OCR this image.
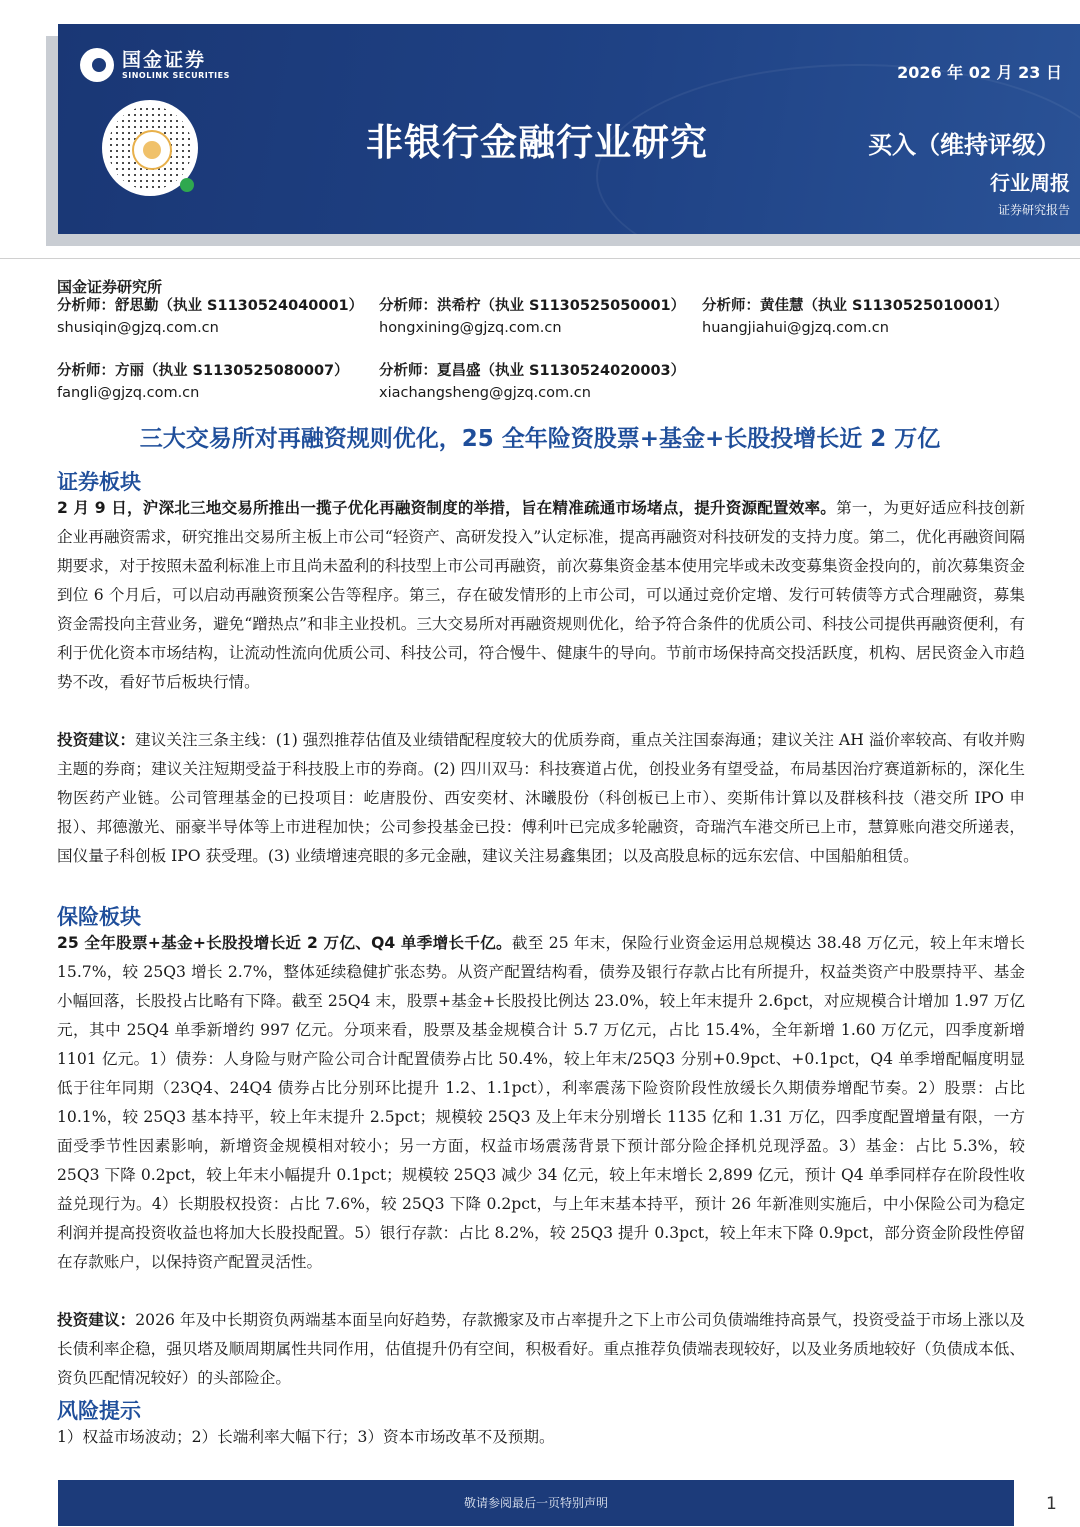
国金证券
SINOLINK SECURITIES
非银行金融行业研究
2026 年 02 月 23 日
买入（维持评级）
行业周报
证券研究报告
国金证券研究所
分析师：舒思勤（执业 S1130524040001）
shusiqin@gjzq.com.cn
分析师：洪希柠（执业 S1130525050001）
hongxining@gjzq.com.cn
分析师：黄佳慧（执业 S1130525010001）
huangjiahui@gjzq.com.cn
分析师：方丽（执业 S1130525080007）
fangli@gjzq.com.cn
分析师：夏昌盛（执业 S1130524020003）
xiachangsheng@gjzq.com.cn
三大交易所对再融资规则优化，25 全年险资股票+基金+长股投增长近 2 万亿
证券板块
2 月 9 日，沪深北三地交易所推出一揽子优化再融资制度的举措，旨在精准疏通市场堵点，提升资源配置效率。第一，为更好适应科技创新企业再融资需求，研究推出交易所主板上市公司“轻资产、高研发投入”认定标准，提高再融资对科技研发的支持力度。第二，优化再融资间隔期要求，对于按照未盈利标准上市且尚未盈利的科技型上市公司再融资，前次募集资金基本使用完毕或未改变募集资金投向的，前次募集资金到位 6 个月后，可以启动再融资预案公告等程序。第三，存在破发情形的上市公司，可以通过竞价定增、发行可转债等方式合理融资，募集资金需投向主营业务，避免“蹭热点”和非主业投机。三大交易所对再融资规则优化，给予符合条件的优质公司、科技公司提供再融资便利，有利于优化资本市场结构，让流动性流向优质公司、科技公司，符合慢牛、健康牛的导向。节前市场保持高交投活跃度，机构、居民资金入市趋势不改，看好节后板块行情。
投资建议：建议关注三条主线：(1) 强烈推荐估值及业绩错配程度较大的优质券商，重点关注国泰海通；建议关注 AH 溢价率较高、有收并购主题的券商；建议关注短期受益于科技股上市的券商。(2) 四川双马：科技赛道占优，创投业务有望受益，布局基因治疗赛道新标的，深化生物医药产业链。公司管理基金的已投项目：屹唐股份、西安奕材、沐曦股份（科创板已上市）、奕斯伟计算以及群核科技（港交所 IPO 申报）、邦德激光、丽豪半导体等上市进程加快；公司参投基金已投：傅利叶已完成多轮融资，奇瑞汽车港交所已上市，慧算账向港交所递表，国仪量子科创板 IPO 获受理。(3) 业绩增速亮眼的多元金融，建议关注易鑫集团；以及高股息标的远东宏信、中国船舶租赁。
保险板块
25 全年股票+基金+长股投增长近 2 万亿、Q4 单季增长千亿。截至 25 年末，保险行业资金运用总规模达 38.48 万亿元，较上年末增长 15.7%，较 25Q3 增长 2.7%，整体延续稳健扩张态势。从资产配置结构看，债券及银行存款占比有所提升，权益类资产中股票持平、基金小幅回落，长股投占比略有下降。截至 25Q4 末，股票+基金+长股投比例达 23.0%，较上年末提升 2.6pct，对应规模合计增加 1.97 万亿元，其中 25Q4 单季新增约 997 亿元。分项来看，股票及基金规模合计 5.7 万亿元，占比 15.4%，全年新增 1.60 万亿元，四季度新增 1101 亿元。1）债券：人身险与财产险公司合计配置债券占比 50.4%，较上年末/25Q3 分别+0.9pct、+0.1pct，Q4 单季增配幅度明显低于往年同期（23Q4、24Q4 债券占比分别环比提升 1.2、1.1pct），利率震荡下险资阶段性放缓长久期债券增配节奏。2）股票：占比 10.1%，较 25Q3 基本持平，较上年末提升 2.5pct；规模较 25Q3 及上年末分别增长 1135 亿和 1.31 万亿，四季度配置增量有限，一方面受季节性因素影响，新增资金规模相对较小；另一方面，权益市场震荡背景下预计部分险企择机兑现浮盈。3）基金：占比 5.3%，较 25Q3 下降 0.2pct，较上年末小幅提升 0.1pct；规模较 25Q3 减少 34 亿元，较上年末增长 2,899 亿元，预计 Q4 单季同样存在阶段性收益兑现行为。4）长期股权投资：占比 7.6%，较 25Q3 下降 0.2pct，与上年末基本持平，预计 26 年新准则实施后，中小保险公司为稳定利润并提高投资收益也将加大长股投配置。5）银行存款：占比 8.2%，较 25Q3 提升 0.3pct，较上年末下降 0.9pct，部分资金阶段性停留在存款账户，以保持资产配置灵活性。
投资建议：2026 年及中长期资负两端基本面呈向好趋势，存款搬家及市占率提升之下上市公司负债端维持高景气，投资受益于市场上涨以及长债利率企稳，强贝塔及顺周期属性共同作用，估值提升仍有空间，积极看好。重点推荐负债端表现较好，以及业务质地较好（负债成本低、资负匹配情况较好）的头部险企。
风险提示
1）权益市场波动；2）长端利率大幅下行；3）资本市场改革不及预期。
敬请参阅最后一页特别声明	1
